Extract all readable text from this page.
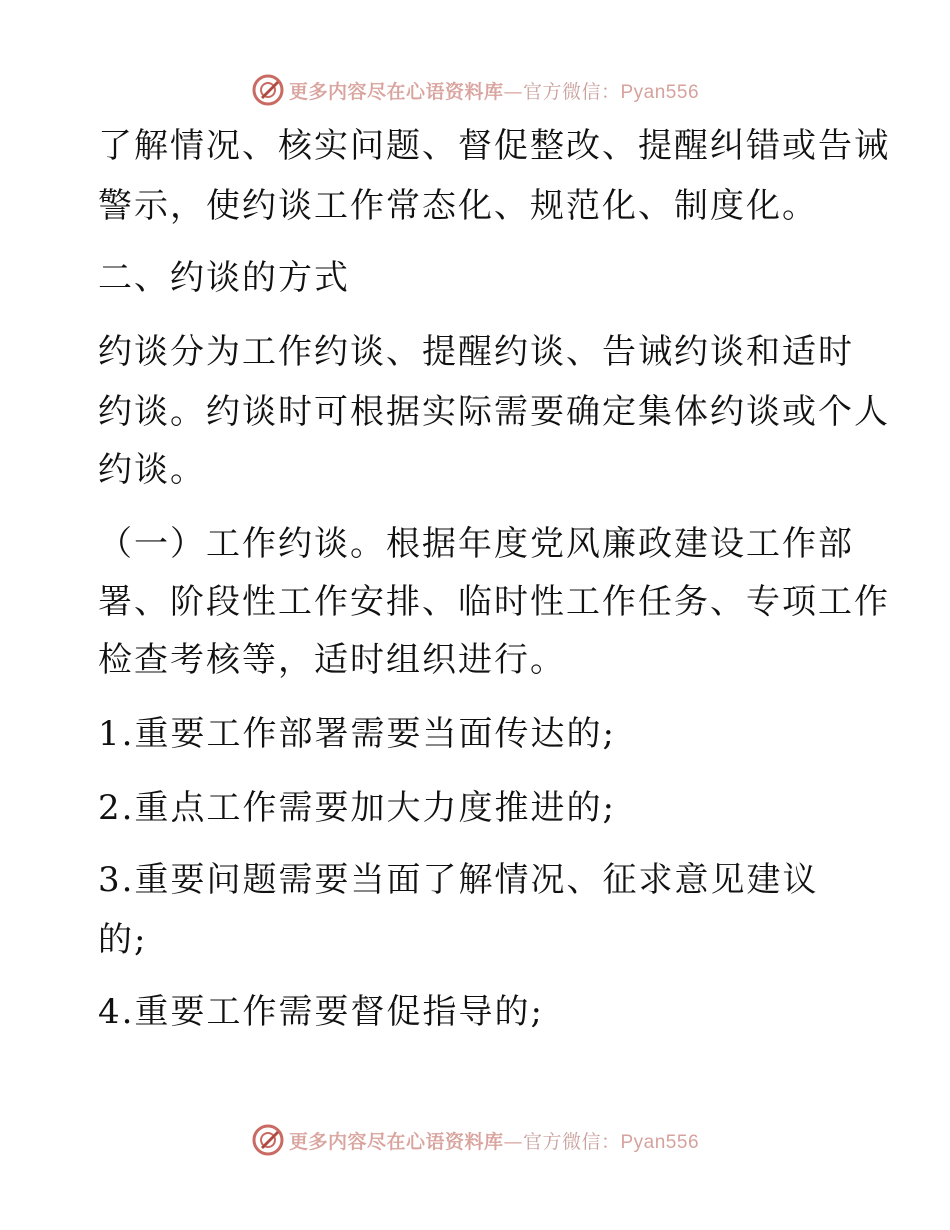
更多内容尽在心语资料库—官方微信：Pyan556
了解情况、核实问题、督促整改、提醒纠错或告诫
警示，使约谈工作常态化、规范化、制度化。
二、约谈的方式
约谈分为工作约谈、提醒约谈、告诫约谈和适时
约谈。约谈时可根据实际需要确定集体约谈或个人
约谈。
（一）工作约谈。根据年度党风廉政建设工作部
署、阶段性工作安排、临时性工作任务、专项工作
检查考核等，适时组织进行。
1.重要工作部署需要当面传达的;
2.重点工作需要加大力度推进的;
3.重要问题需要当面了解情况、征求意见建议
的;
4.重要工作需要督促指导的;
更多内容尽在心语资料库—官方微信：Pyan556
